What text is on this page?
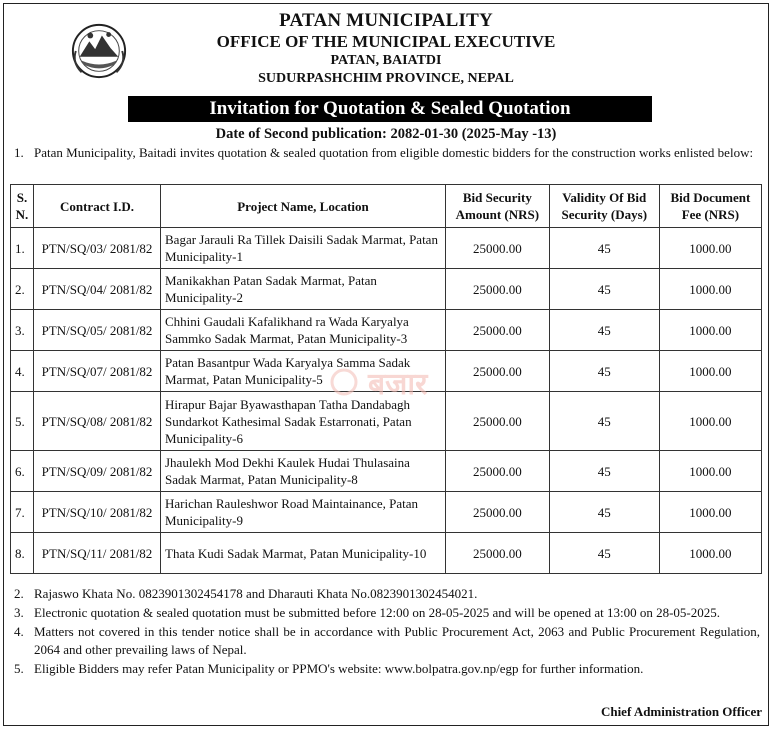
PATAN MUNICIPALITY
OFFICE OF THE MUNICIPAL EXECUTIVE
PATAN, BAIATDI
SUDURPASHCHIM PROVINCE, NEPAL
Invitation for Quotation & Sealed Quotation
Date of Second publication: 2082-01-30 (2025-May -13)
1. Patan Municipality, Baitadi invites quotation & sealed quotation from eligible domestic bidders for the construction works enlisted below:
S. N.	Contract I.D.	Project Name, Location	Bid Security Amount (NRS)	Validity Of Bid Security (Days)	Bid Document Fee (NRS)
1.	PTN/SQ/03/ 2081/82	Bagar Jarauli Ra Tillek Daisili Sadak Marmat, Patan Municipality-1	25000.00	45	1000.00
2.	PTN/SQ/04/ 2081/82	Manikakhan Patan Sadak Marmat, Patan Municipality-2	25000.00	45	1000.00
3.	PTN/SQ/05/ 2081/82	Chhini Gaudali Kafalikhand ra Wada Karyalya Sammko Sadak Marmat, Patan Municipality-3	25000.00	45	1000.00
4.	PTN/SQ/07/ 2081/82	Patan Basantpur Wada Karyalya Samma Sadak Marmat, Patan Municipality-5	25000.00	45	1000.00
5.	PTN/SQ/08/ 2081/82	Hirapur Bajar Byawasthapan Tatha Dandabagh Sundarkot Kathesimal Sadak Estarronati, Patan Municipality-6	25000.00	45	1000.00
6.	PTN/SQ/09/ 2081/82	Jhaulekh Mod Dekhi Kaulek Hudai Thulasaina Sadak Marmat, Patan Municipality-8	25000.00	45	1000.00
7.	PTN/SQ/10/ 2081/82	Harichan Rauleshwor Road Maintainance, Patan Municipality-9	25000.00	45	1000.00
8.	PTN/SQ/11/ 2081/82	Thata Kudi Sadak Marmat, Patan Municipality-10	25000.00	45	1000.00
बजार
2. Rajaswo Khata No. 0823901302454178 and Dharauti Khata No.0823901302454021.
3. Electronic quotation & sealed quotation must be submitted before 12:00 on 28-05-2025 and will be opened at 13:00 on 28-05-2025.
4. Matters not covered in this tender notice shall be in accordance with Public Procurement Act, 2063 and Public Procurement Regulation, 2064 and other prevailing laws of Nepal.
5. Eligible Bidders may refer Patan Municipality or PPMO's website: www.bolpatra.gov.np/egp for further information.
Chief Administration Officer
